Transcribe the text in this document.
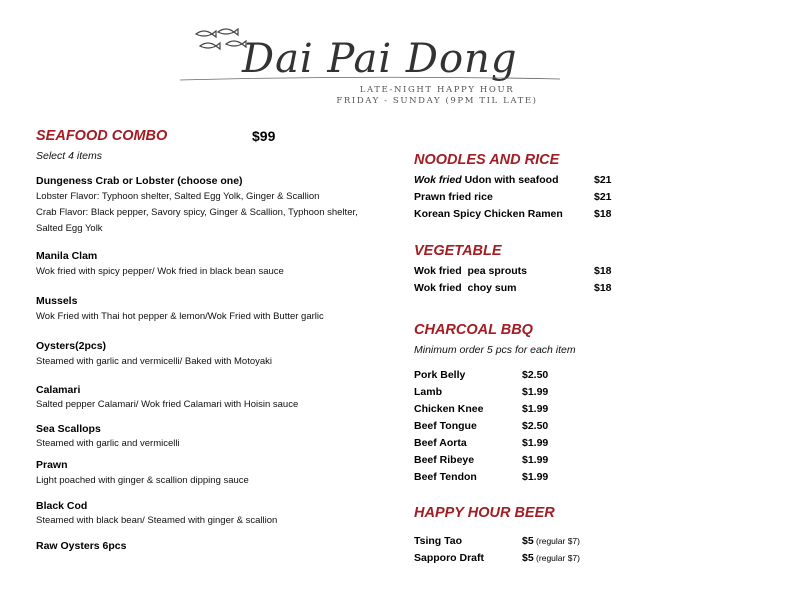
Dai Pai Dong
LATE-NIGHT HAPPY HOUR
FRIDAY - SUNDAY (9PM TIL LATE)
SEAFOOD COMBO	$99
Select 4 items
Dungeness Crab or Lobster (choose one)
Lobster Flavor: Typhoon shelter, Salted Egg Yolk, Ginger & Scallion
Crab Flavor: Black pepper, Savory spicy, Ginger & Scallion, Typhoon shelter, Salted Egg Yolk
Manila Clam
Wok fried with spicy pepper/ Wok fried in black bean sauce
Mussels
Wok Fried with Thai hot pepper & lemon/Wok Fried with Butter garlic
Oysters(2pcs)
Steamed with garlic and vermicelli/ Baked with Motoyaki
Calamari
Salted pepper Calamari/ Wok fried Calamari with Hoisin sauce
Sea Scallops
Steamed with garlic and vermicelli
Prawn
Light poached with ginger & scallion dipping sauce
Black Cod
Steamed with black bean/ Steamed with ginger & scallion
Raw Oysters 6pcs
NOODLES AND RICE
Wok fried Udon with seafood	$21
Prawn fried rice	$21
Korean Spicy Chicken Ramen	$18
VEGETABLE
Wok fried  pea sprouts	$18
Wok fried  choy sum	$18
CHARCOAL BBQ
Minimum order 5 pcs for each item
Pork Belly	$2.50
Lamb	$1.99
Chicken Knee	$1.99
Beef Tongue	$2.50
Beef Aorta	$1.99
Beef Ribeye	$1.99
Beef Tendon	$1.99
HAPPY HOUR BEER
Tsing Tao	$5 (regular $7)
Sapporo Draft	$5 (regular $7)
